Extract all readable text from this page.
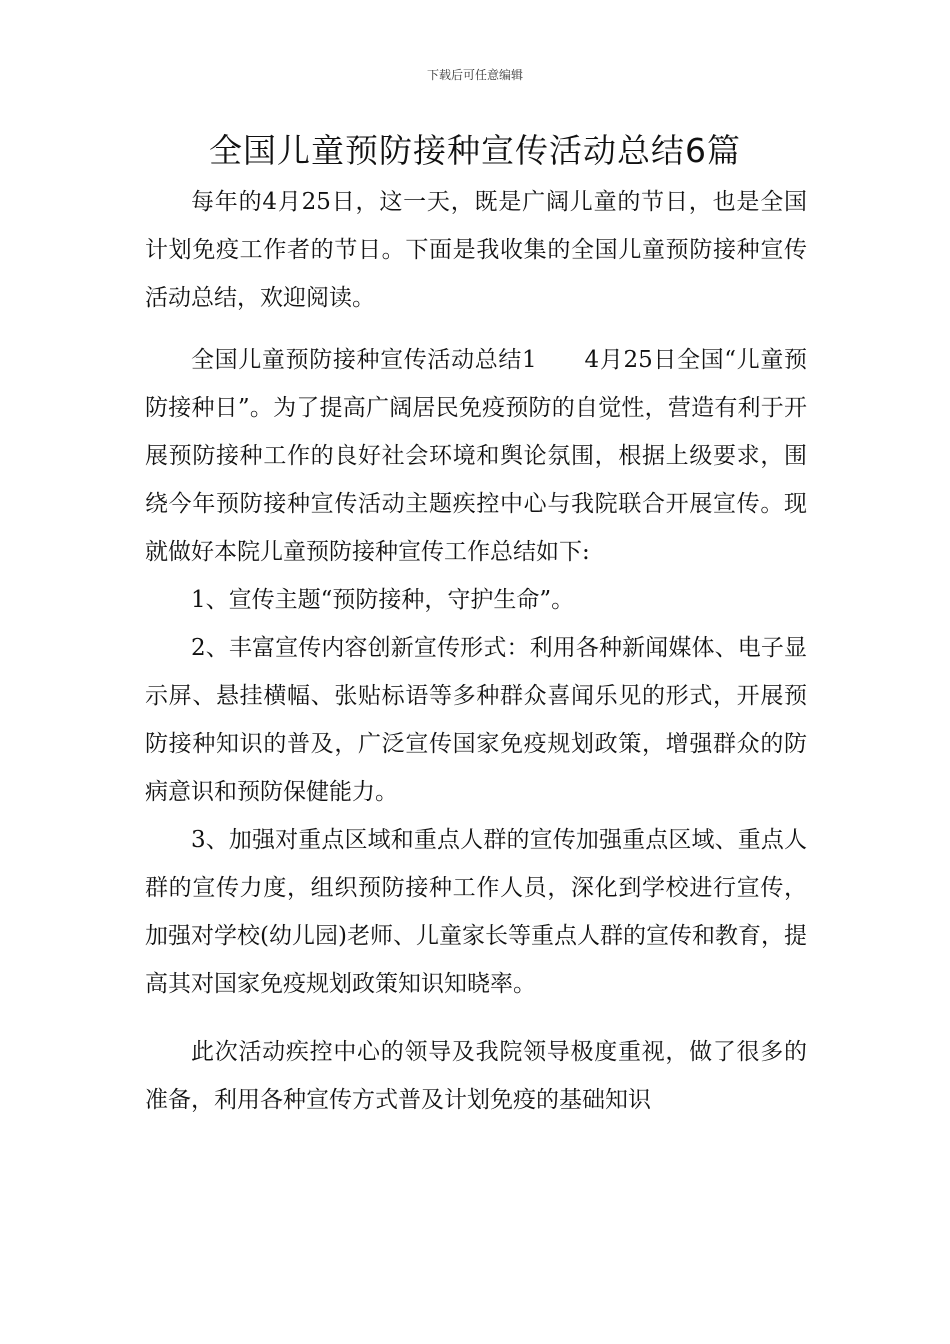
下载后可任意编辑
全国儿童预防接种宣传活动总结6篇

每年的4月25日，这一天，既是广阔儿童的节日，也是全国计划免疫工作者的节日。下面是我收集的全国儿童预防接种宣传活动总结，欢迎阅读。

全国儿童预防接种宣传活动总结1　　4月25日全国“儿童预防接种日”。为了提高广阔居民免疫预防的自觉性，营造有利于开展预防接种工作的良好社会环境和舆论氛围，根据上级要求，围绕今年预防接种宣传活动主题疾控中心与我院联合开展宣传。现就做好本院儿童预防接种宣传工作总结如下:

1、宣传主题“预防接种，守护生命”。

2、丰富宣传内容创新宣传形式：利用各种新闻媒体、电子显示屏、悬挂横幅、张贴标语等多种群众喜闻乐见的形式，开展预防接种知识的普及，广泛宣传国家免疫规划政策，增强群众的防病意识和预防保健能力。

3、加强对重点区域和重点人群的宣传加强重点区域、重点人群的宣传力度，组织预防接种工作人员，深化到学校进行宣传，加强对学校(幼儿园)老师、儿童家长等重点人群的宣传和教育，提高其对国家免疫规划政策知识知晓率。

此次活动疾控中心的领导及我院领导极度重视，做了很多的准备，利用各种宣传方式普及计划免疫的基础知识
